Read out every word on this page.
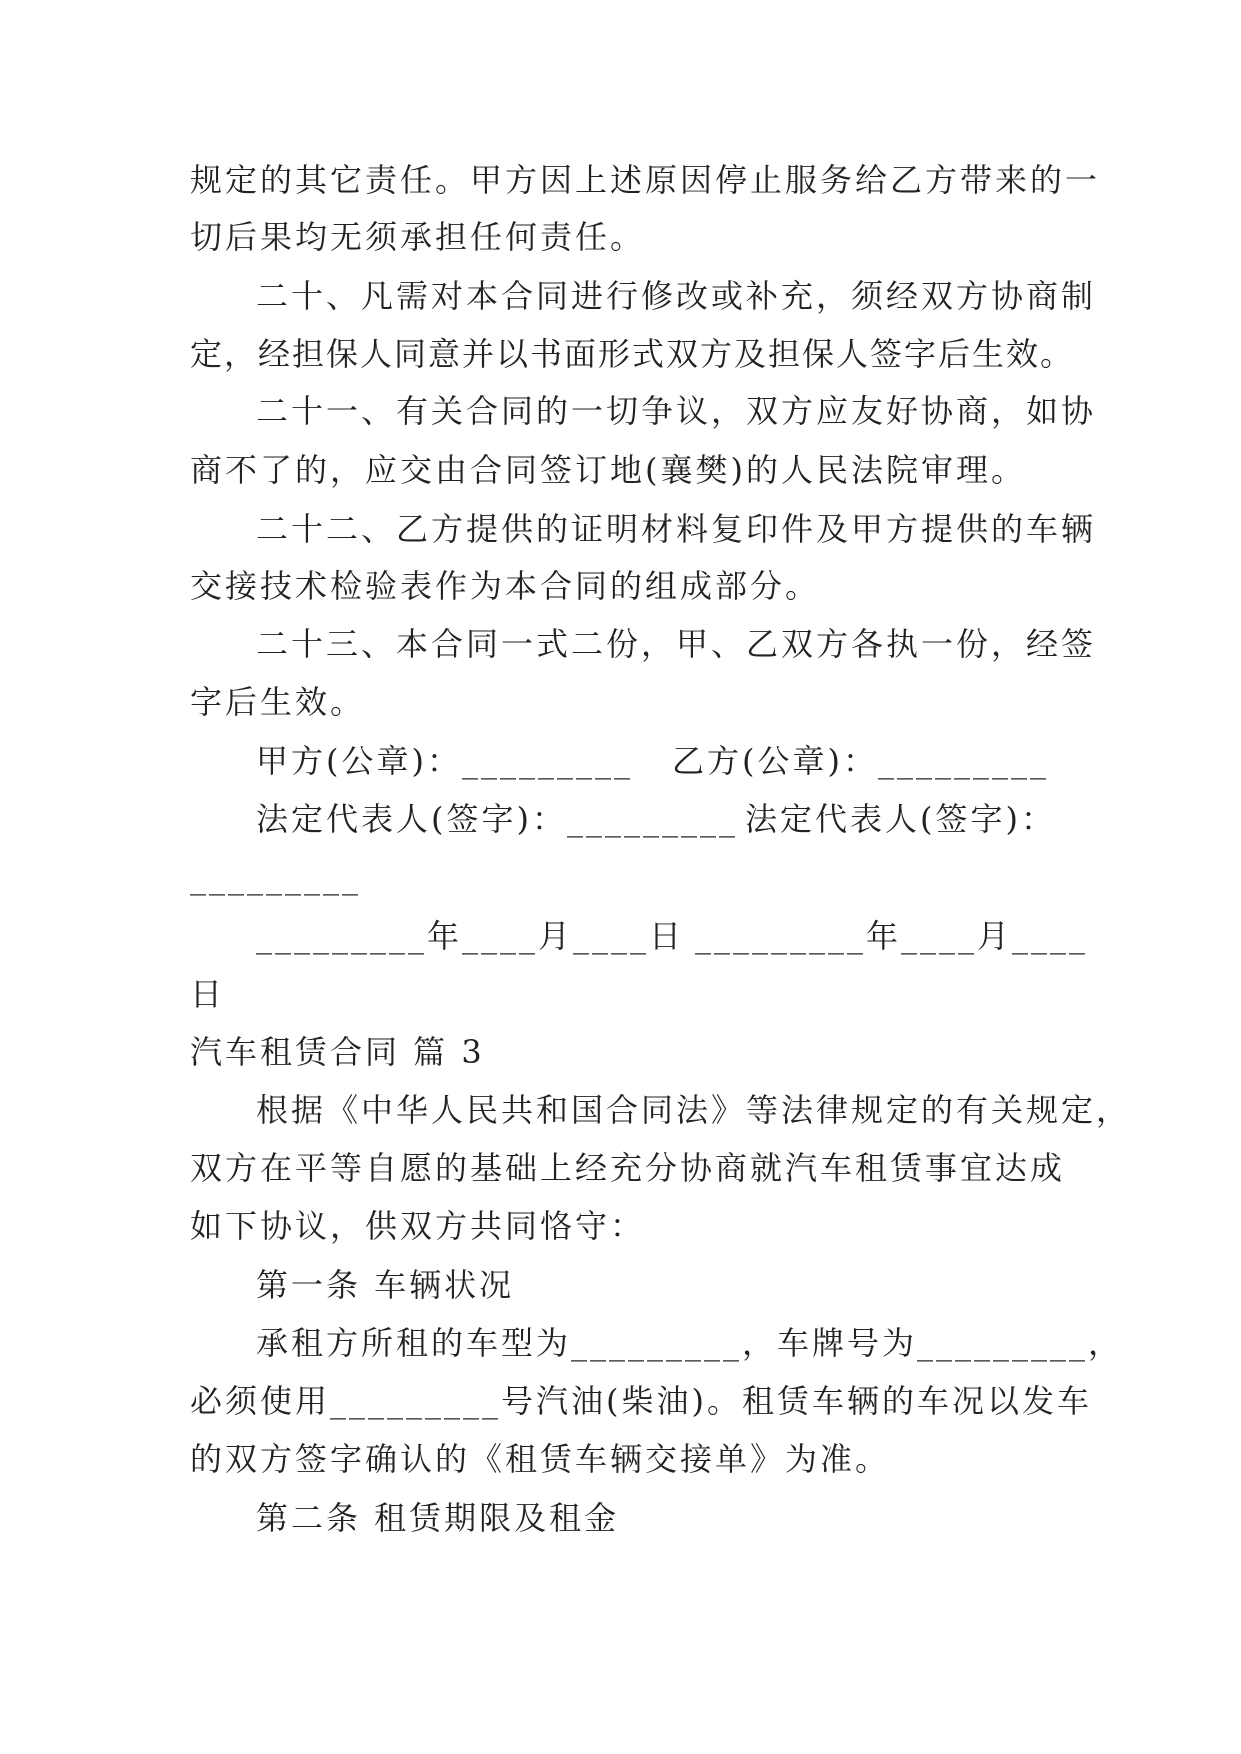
规定的其它责任。甲方因上述原因停止服务给乙方带来的一
切后果均无须承担任何责任。
二十、凡需对本合同进行修改或补充，须经双方协商制
定，经担保人同意并以书面形式双方及担保人签字后生效。
二十一、有关合同的一切争议，双方应友好协商，如协
商不了的，应交由合同签订地(襄樊)的人民法院审理。
二十二、乙方提供的证明材料复印件及甲方提供的车辆
交接技术检验表作为本合同的组成部分。
二十三、本合同一式二份，甲、乙双方各执一份，经签
字后生效。
甲方(公章)：_________ 乙方(公章)：_________
法定代表人(签字)：_________ 法定代表人(签字)：
_________
_________年____月____日 _________年____月____
日
汽车租赁合同 篇 3
根据《中华人民共和国合同法》等法律规定的有关规定，
双方在平等自愿的基础上经充分协商就汽车租赁事宜达成
如下协议，供双方共同恪守：
第一条 车辆状况
承租方所租的车型为_________，车牌号为_________，
必须使用_________号汽油(柴油)。租赁车辆的车况以发车
的双方签字确认的《租赁车辆交接单》为准。
第二条 租赁期限及租金
